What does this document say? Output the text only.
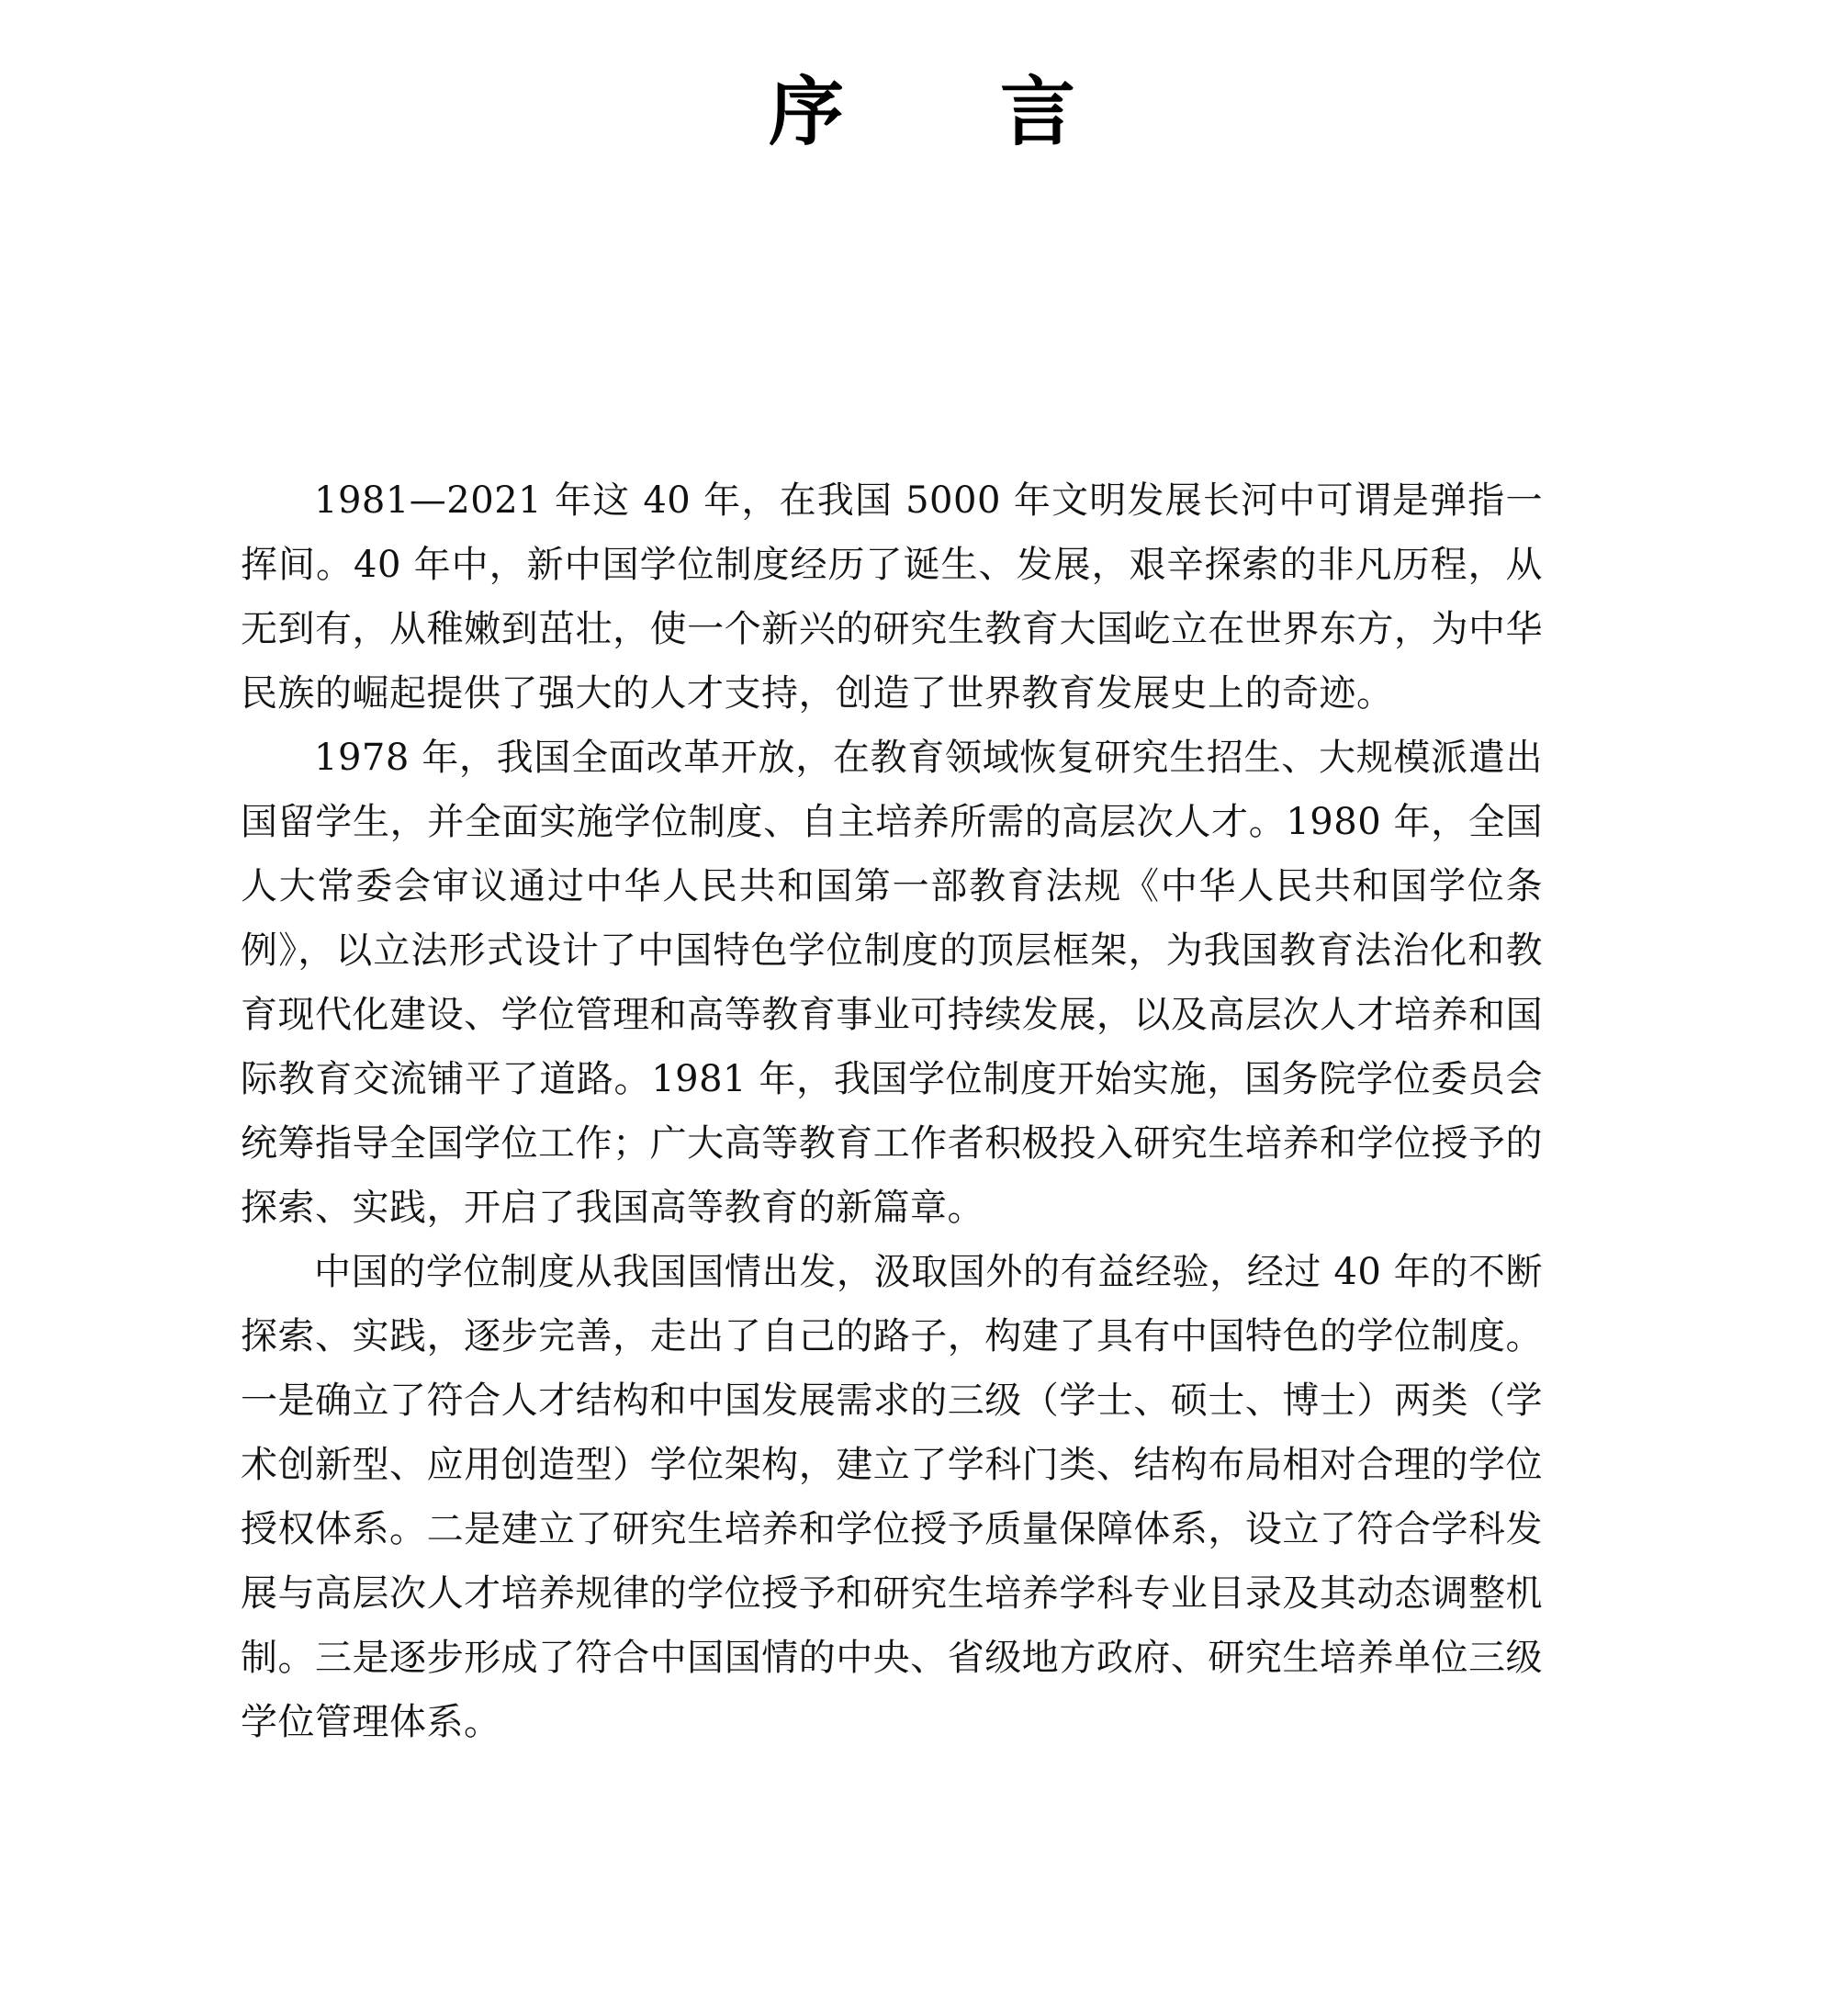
序 言

1981—2021 年这 40 年，在我国 5000 年文明发展长河中可谓是弹指一挥间。40 年中，新中国学位制度经历了诞生、发展，艰辛探索的非凡历程，从无到有，从稚嫩到茁壮，使一个新兴的研究生教育大国屹立在世界东方，为中华民族的崛起提供了强大的人才支持，创造了世界教育发展史上的奇迹。

1978 年，我国全面改革开放，在教育领域恢复研究生招生、大规模派遣出国留学生，并全面实施学位制度、自主培养所需的高层次人才。1980 年，全国人大常委会审议通过中华人民共和国第一部教育法规《中华人民共和国学位条例》，以立法形式设计了中国特色学位制度的顶层框架，为我国教育法治化和教育现代化建设、学位管理和高等教育事业可持续发展，以及高层次人才培养和国际教育交流铺平了道路。1981 年，我国学位制度开始实施，国务院学位委员会统筹指导全国学位工作；广大高等教育工作者积极投入研究生培养和学位授予的探索、实践，开启了我国高等教育的新篇章。

中国的学位制度从我国国情出发，汲取国外的有益经验，经过 40 年的不断探索、实践，逐步完善，走出了自己的路子，构建了具有中国特色的学位制度。一是确立了符合人才结构和中国发展需求的三级（学士、硕士、博士）两类（学术创新型、应用创造型）学位架构，建立了学科门类、结构布局相对合理的学位授权体系。二是建立了研究生培养和学位授予质量保障体系，设立了符合学科发展与高层次人才培养规律的学位授予和研究生培养学科专业目录及其动态调整机制。三是逐步形成了符合中国国情的中央、省级地方政府、研究生培养单位三级学位管理体系。
